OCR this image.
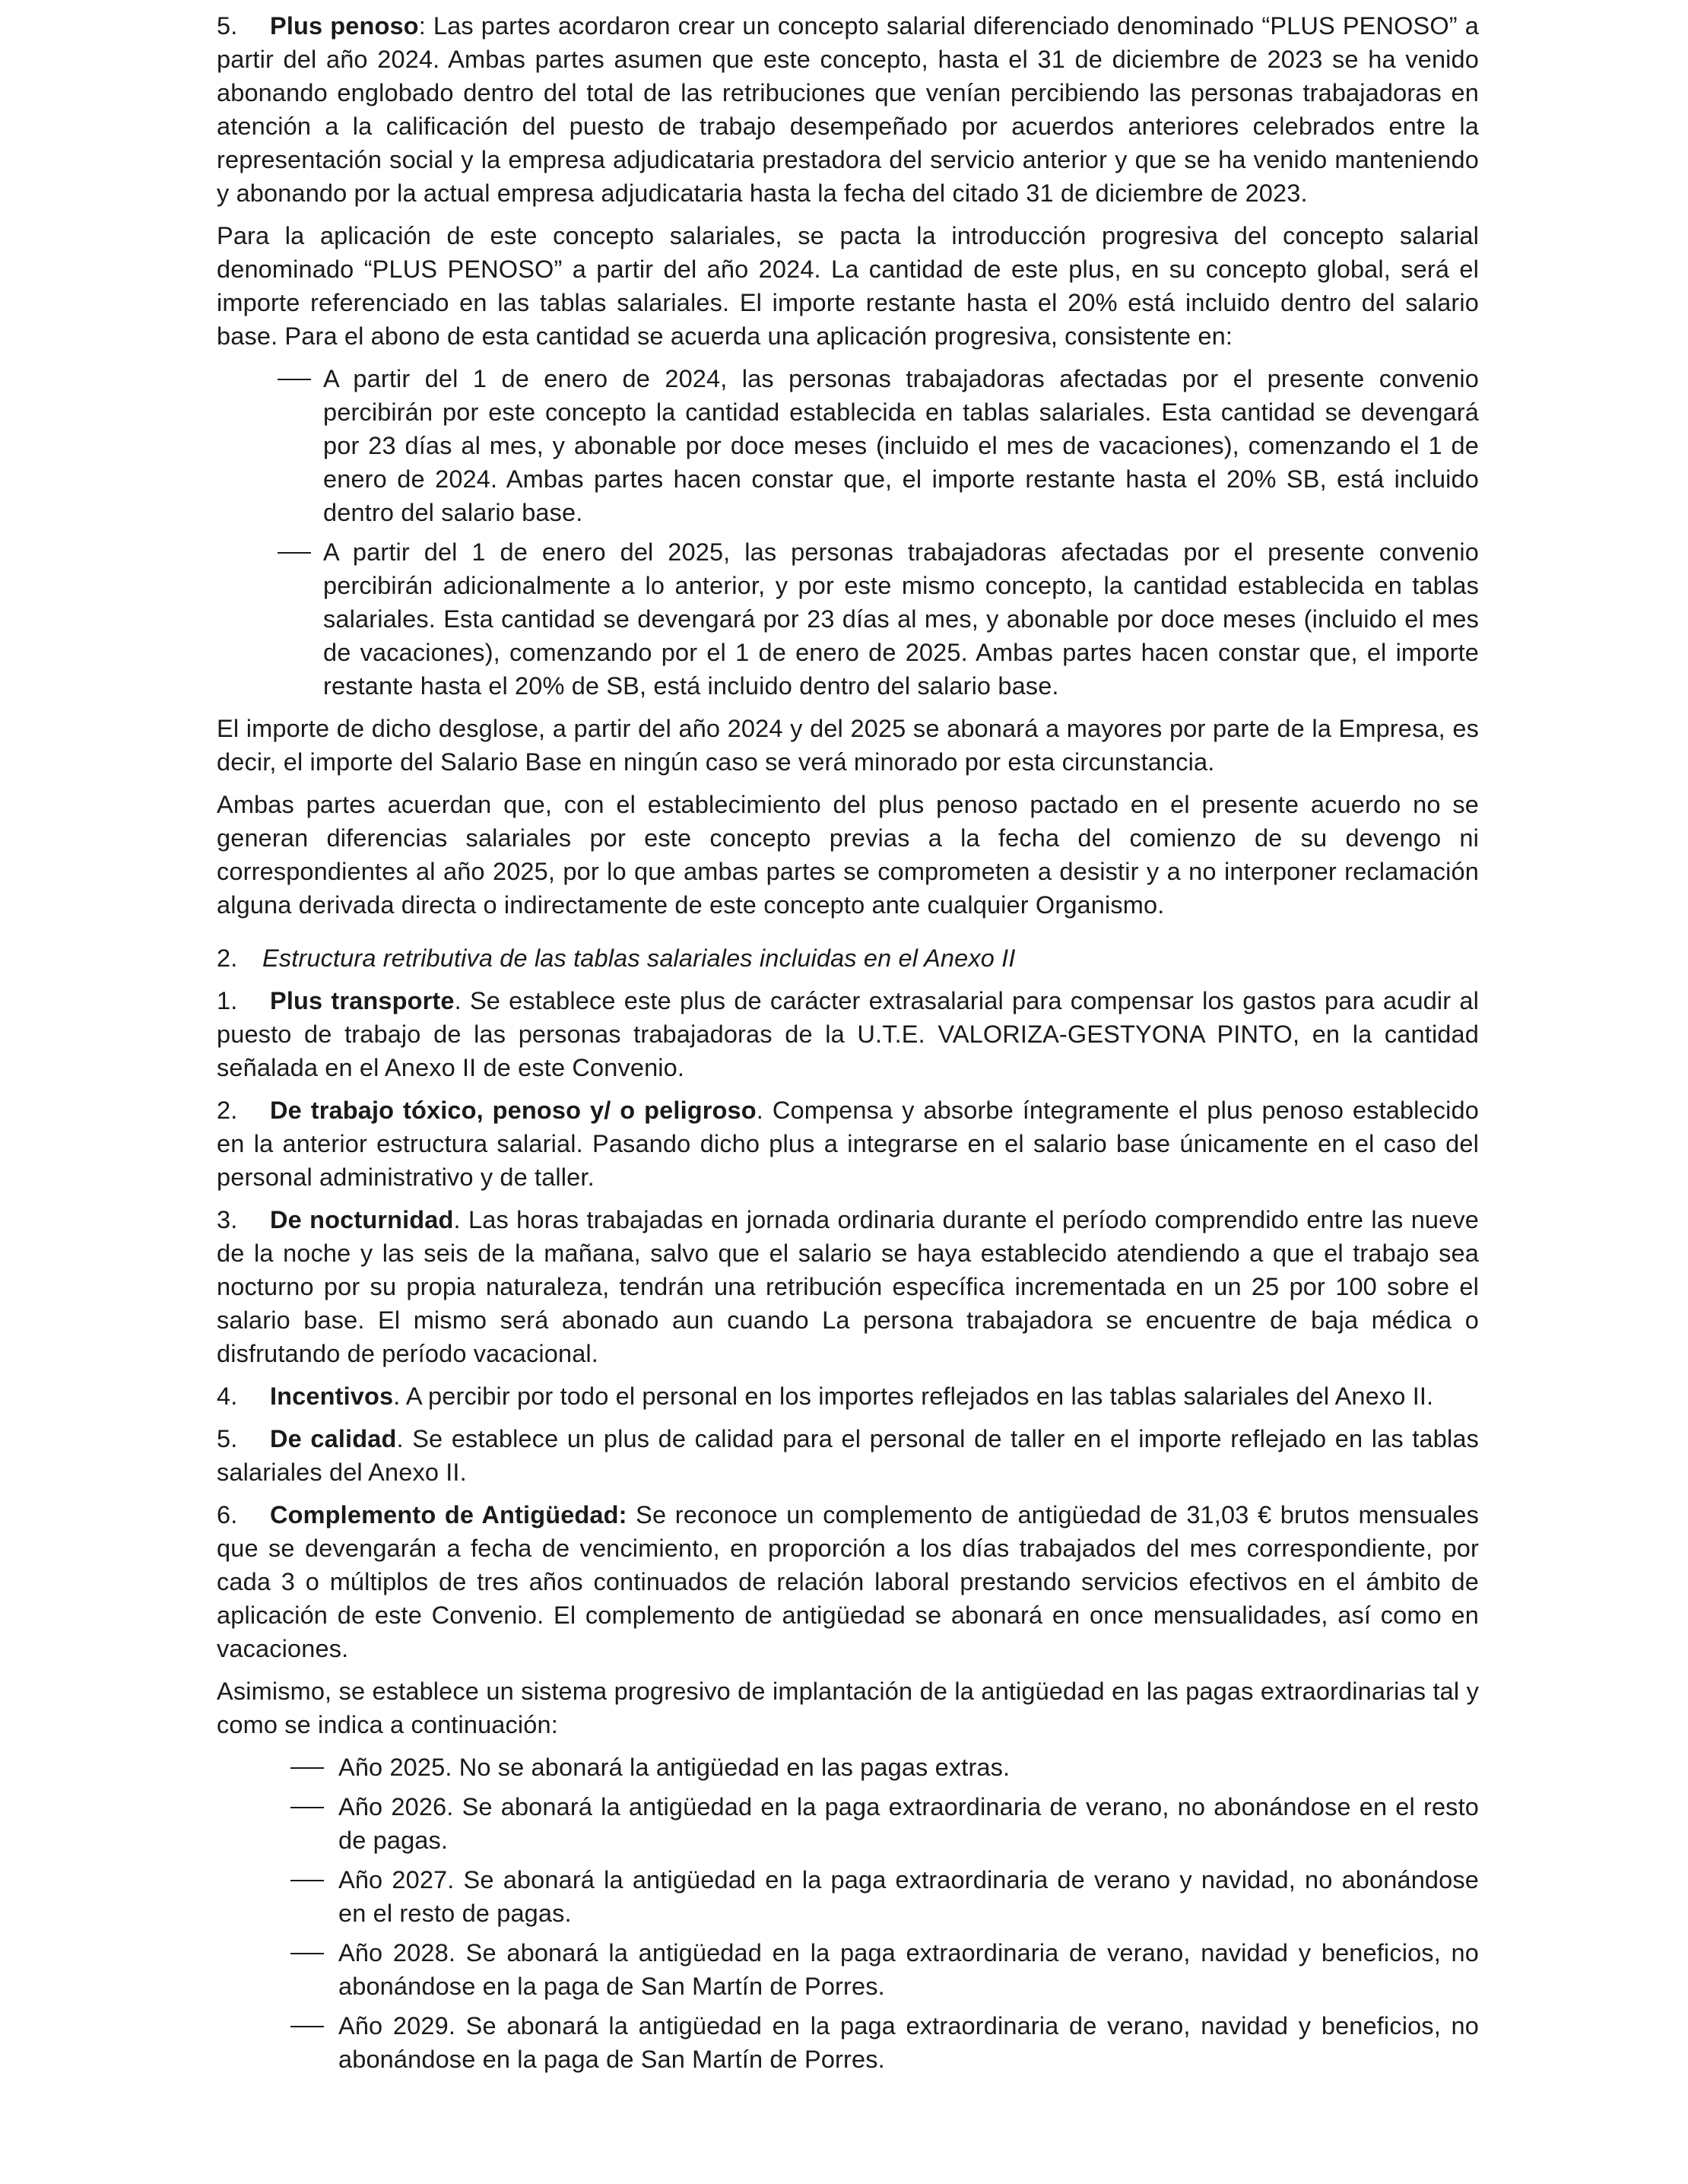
5. Plus penoso: Las partes acordaron crear un concepto salarial diferenciado denominado “PLUS PENOSO” a partir del año 2024. Ambas partes asumen que este concepto, hasta el 31 de diciembre de 2023 se ha venido abonando englobado dentro del total de las retribuciones que venían percibiendo las personas trabajadoras en atención a la calificación del puesto de trabajo desempeñado por acuerdos anteriores celebrados entre la representación social y la empresa adjudicataria prestadora del servicio anterior y que se ha venido manteniendo y abonando por la actual empresa adjudicataria hasta la fecha del citado 31 de diciembre de 2023.

Para la aplicación de este concepto salariales, se pacta la introducción progresiva del concepto salarial denominado “PLUS PENOSO” a partir del año 2024. La cantidad de este plus, en su concepto global, será el importe referenciado en las tablas salariales. El importe restante hasta el 20% está incluido dentro del salario base. Para el abono de esta cantidad se acuerda una aplicación progresiva, consistente en:

A partir del 1 de enero de 2024, las personas trabajadoras afectadas por el presente convenio percibirán por este concepto la cantidad establecida en tablas salariales. Esta cantidad se devengará por 23 días al mes, y abonable por doce meses (incluido el mes de vacaciones), comenzando el 1 de enero de 2024. Ambas partes hacen constar que, el importe restante hasta el 20% SB, está incluido dentro del salario base.
A partir del 1 de enero del 2025, las personas trabajadoras afectadas por el presente convenio percibirán adicionalmente a lo anterior, y por este mismo concepto, la cantidad establecida en tablas salariales. Esta cantidad se devengará por 23 días al mes, y abonable por doce meses (incluido el mes de vacaciones), comenzando por el 1 de enero de 2025. Ambas partes hacen constar que, el importe restante hasta el 20% de SB, está incluido dentro del salario base.

El importe de dicho desglose, a partir del año 2024 y del 2025 se abonará a mayores por parte de la Empresa, es decir, el importe del Salario Base en ningún caso se verá minorado por esta circunstancia.

Ambas partes acuerdan que, con el establecimiento del plus penoso pactado en el presente acuerdo no se generan diferencias salariales por este concepto previas a la fecha del comienzo de su devengo ni correspondientes al año 2025, por lo que ambas partes se comprometen a desistir y a no interponer reclamación alguna derivada directa o indirectamente de este concepto ante cualquier Organismo.

2. Estructura retributiva de las tablas salariales incluidas en el Anexo II

1. Plus transporte. Se establece este plus de carácter extrasalarial para compensar los gastos para acudir al puesto de trabajo de las personas trabajadoras de la U.T.E. VALORIZA-GESTYONA PINTO, en la cantidad señalada en el Anexo II de este Convenio.

2. De trabajo tóxico, penoso y/ o peligroso. Compensa y absorbe íntegramente el plus penoso establecido en la anterior estructura salarial. Pasando dicho plus a integrarse en el salario base únicamente en el caso del personal administrativo y de taller.

3. De nocturnidad. Las horas trabajadas en jornada ordinaria durante el período comprendido entre las nueve de la noche y las seis de la mañana, salvo que el salario se haya establecido atendiendo a que el trabajo sea nocturno por su propia naturaleza, tendrán una retribución específica incrementada en un 25 por 100 sobre el salario base. El mismo será abonado aun cuando La persona trabajadora se encuentre de baja médica o disfrutando de período vacacional.

4. Incentivos. A percibir por todo el personal en los importes reflejados en las tablas salariales del Anexo II.

5. De calidad. Se establece un plus de calidad para el personal de taller en el importe reflejado en las tablas salariales del Anexo II.

6. Complemento de Antigüedad: Se reconoce un complemento de antigüedad de 31,03 € brutos mensuales que se devengarán a fecha de vencimiento, en proporción a los días trabajados del mes correspondiente, por cada 3 o múltiplos de tres años continuados de relación laboral prestando servicios efectivos en el ámbito de aplicación de este Convenio. El complemento de antigüedad se abonará en once mensualidades, así como en vacaciones.

Asimismo, se establece un sistema progresivo de implantación de la antigüedad en las pagas extraordinarias tal y como se indica a continuación:

Año 2025. No se abonará la antigüedad en las pagas extras.
Año 2026. Se abonará la antigüedad en la paga extraordinaria de verano, no abonándose en el resto de pagas.
Año 2027. Se abonará la antigüedad en la paga extraordinaria de verano y navidad, no abonándose en el resto de pagas.
Año 2028. Se abonará la antigüedad en la paga extraordinaria de verano, navidad y beneficios, no abonándose en la paga de San Martín de Porres.
Año 2029. Se abonará la antigüedad en la paga extraordinaria de verano, navidad y beneficios, no abonándose en la paga de San Martín de Porres.
